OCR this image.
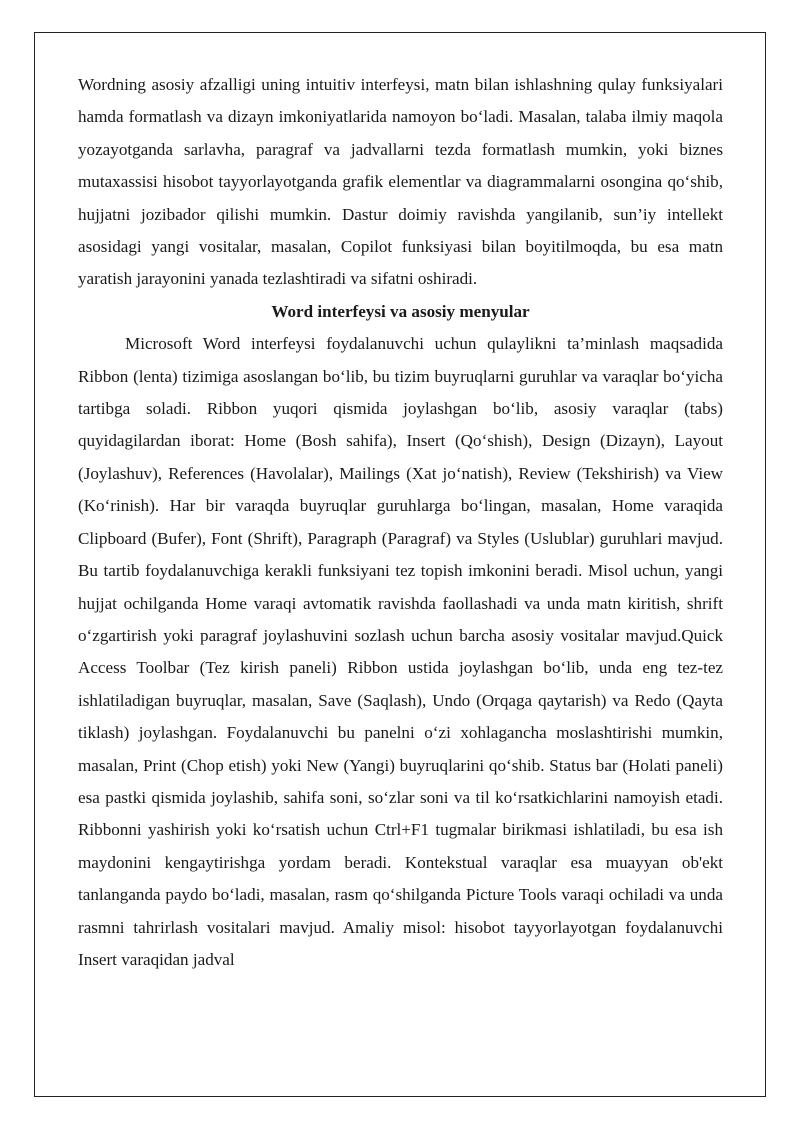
Wordning asosiy afzalligi uning intuitiv interfeysi, matn bilan ishlashning qulay funksiyalari hamda formatlash va dizayn imkoniyatlarida namoyon bo‘ladi. Masalan, talaba ilmiy maqola yozayotganda sarlavha, paragraf va jadvallarni tezda formatlash mumkin, yoki biznes mutaxassisi hisobot tayyorlayotganda grafik elementlar va diagrammalarni osongina qo‘shib, hujjatni jozibador qilishi mumkin. Dastur doimiy ravishda yangilanib, sun’iy intellekt asosidagi yangi vositalar, masalan, Copilot funksiyasi bilan boyitilmoqda, bu esa matn yaratish jarayonini yanada tezlashtiradi va sifatni oshiradi.

Word interfeysi va asosiy menyular

Microsoft Word interfeysi foydalanuvchi uchun qulaylikni ta’minlash maqsadida Ribbon (lenta) tizimiga asoslangan bo‘lib, bu tizim buyruqlarni guruhlar va varaqlar bo‘yicha tartibga soladi. Ribbon yuqori qismida joylashgan bo‘lib, asosiy varaqlar (tabs) quyidagilardan iborat: Home (Bosh sahifa), Insert (Qo‘shish), Design (Dizayn), Layout (Joylashuv), References (Havolalar), Mailings (Xat jo‘natish), Review (Tekshirish) va View (Ko‘rinish). Har bir varaqda buyruqlar guruhlarga bo‘lingan, masalan, Home varaqida Clipboard (Bufer), Font (Shrift), Paragraph (Paragraf) va Styles (Uslublar) guruhlari mavjud. Bu tartib foydalanuvchiga kerakli funksiyani tez topish imkonini beradi. Misol uchun, yangi hujjat ochilganda Home varaqi avtomatik ravishda faollashadi va unda matn kiritish, shrift o‘zgartirish yoki paragraf joylashuvini sozlash uchun barcha asosiy vositalar mavjud.Quick Access Toolbar (Tez kirish paneli) Ribbon ustida joylashgan bo‘lib, unda eng tez-tez ishlatiladigan buyruqlar, masalan, Save (Saqlash), Undo (Orqaga qaytarish) va Redo (Qayta tiklash) joylashgan. Foydalanuvchi bu panelni o‘zi xohlagancha moslashtirishi mumkin, masalan, Print (Chop etish) yoki New (Yangi) buyruqlarini qo‘shib. Status bar (Holati paneli) esa pastki qismida joylashib, sahifa soni, so‘zlar soni va til ko‘rsatkichlarini namoyish etadi. Ribbonni yashirish yoki ko‘rsatish uchun Ctrl+F1 tugmalar birikmasi ishlatiladi, bu esa ish maydonini kengaytirishga yordam beradi. Kontekstual varaqlar esa muayyan ob'ekt tanlanganda paydo bo‘ladi, masalan, rasm qo‘shilganda Picture Tools varaqi ochiladi va unda rasmni tahrirlash vositalari mavjud. Amaliy misol: hisobot tayyorlayotgan foydalanuvchi Insert varaqidan jadval
